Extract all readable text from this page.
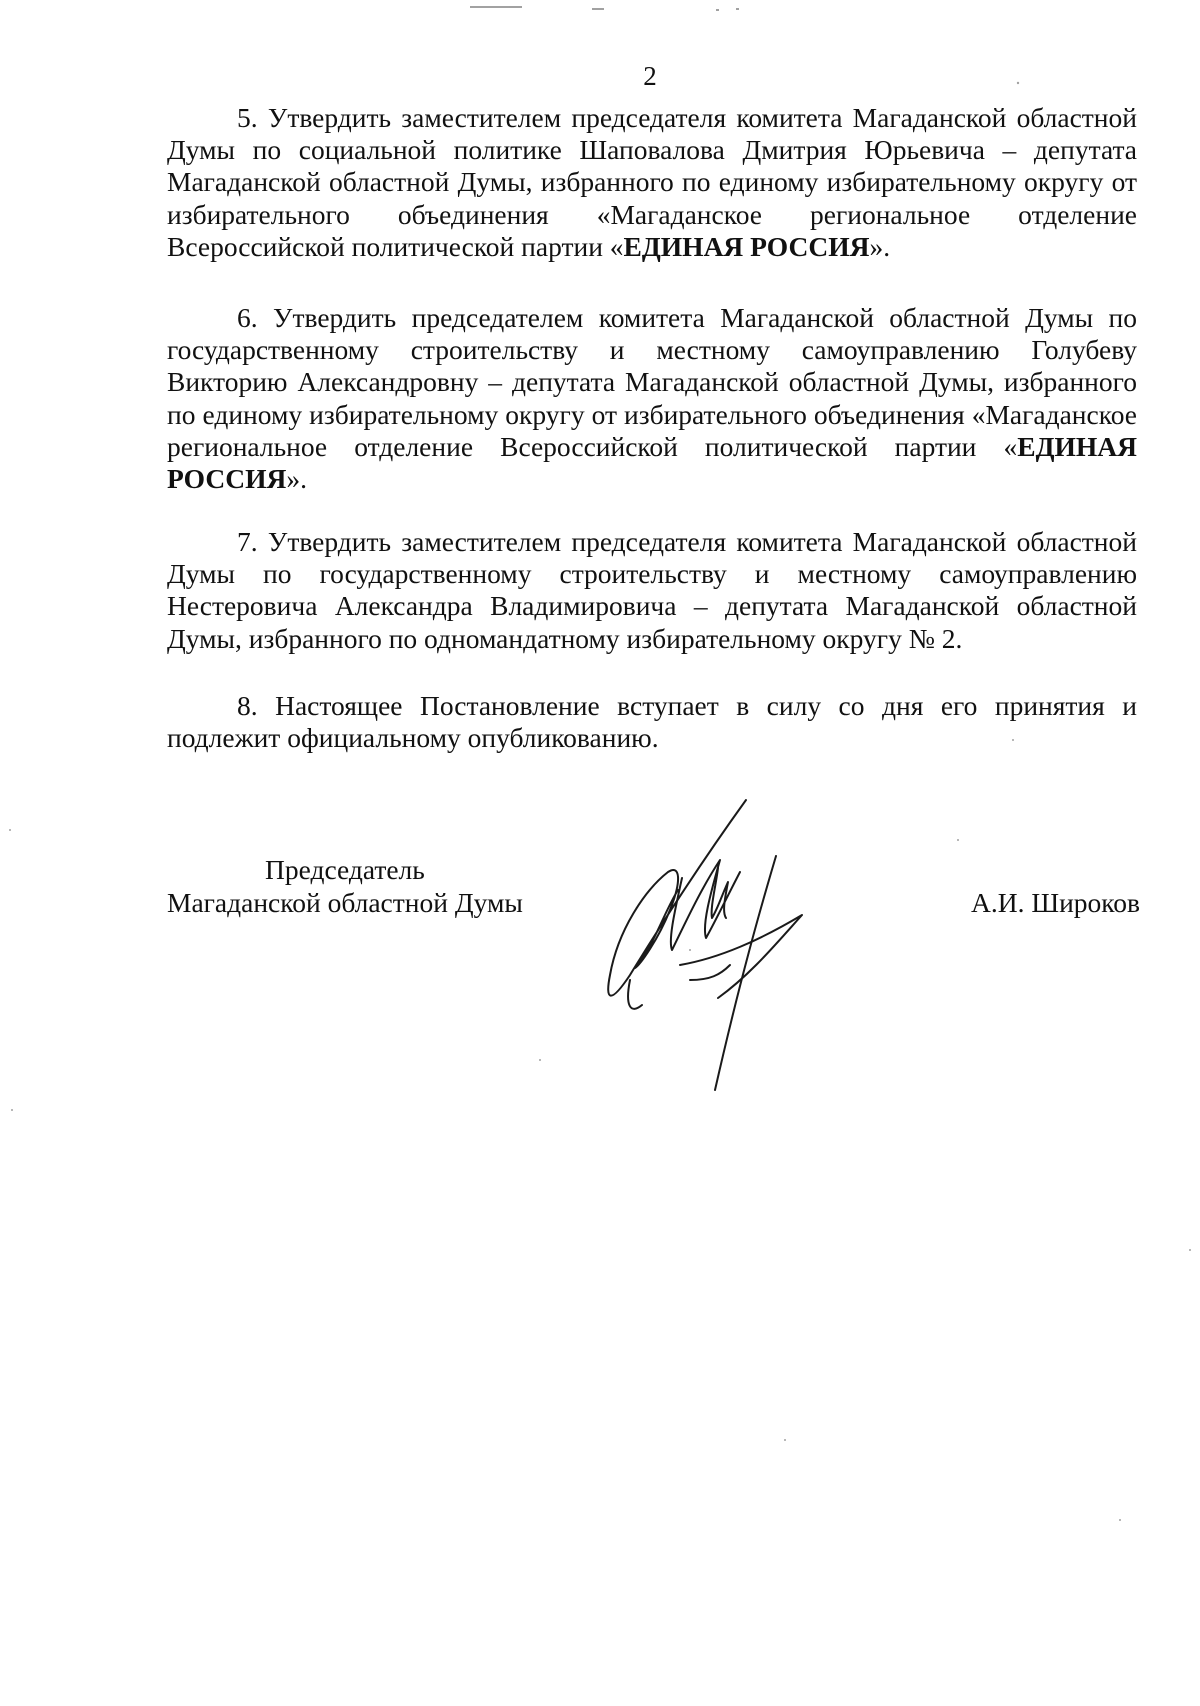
2

5. Утвердить заместителем председателя комитета Магаданской областной Думы по социальной политике Шаповалова Дмитрия Юрьевича – депутата Магаданской областной Думы, избранного по единому избирательному округу от избирательного объединения «Магаданское региональное отделение Всероссийской политической партии «ЕДИНАЯ РОССИЯ».

6. Утвердить председателем комитета Магаданской областной Думы по государственному строительству и местному самоуправлению Голубеву Викторию Александровну – депутата Магаданской областной Думы, избранного по единому избирательному округу от избирательного объединения «Магаданское региональное отделение Всероссийской политической партии «ЕДИНАЯ РОССИЯ».

7. Утвердить заместителем председателя комитета Магаданской областной Думы по государственному строительству и местному самоуправлению Нестеровича Александра Владимировича – депутата Магаданской областной Думы, избранного по одномандатному избирательному округу № 2.

8. Настоящее Постановление вступает в силу со дня его принятия и подлежит официальному опубликованию.

Председатель
Магаданской областной Думы	А.И. Широков
